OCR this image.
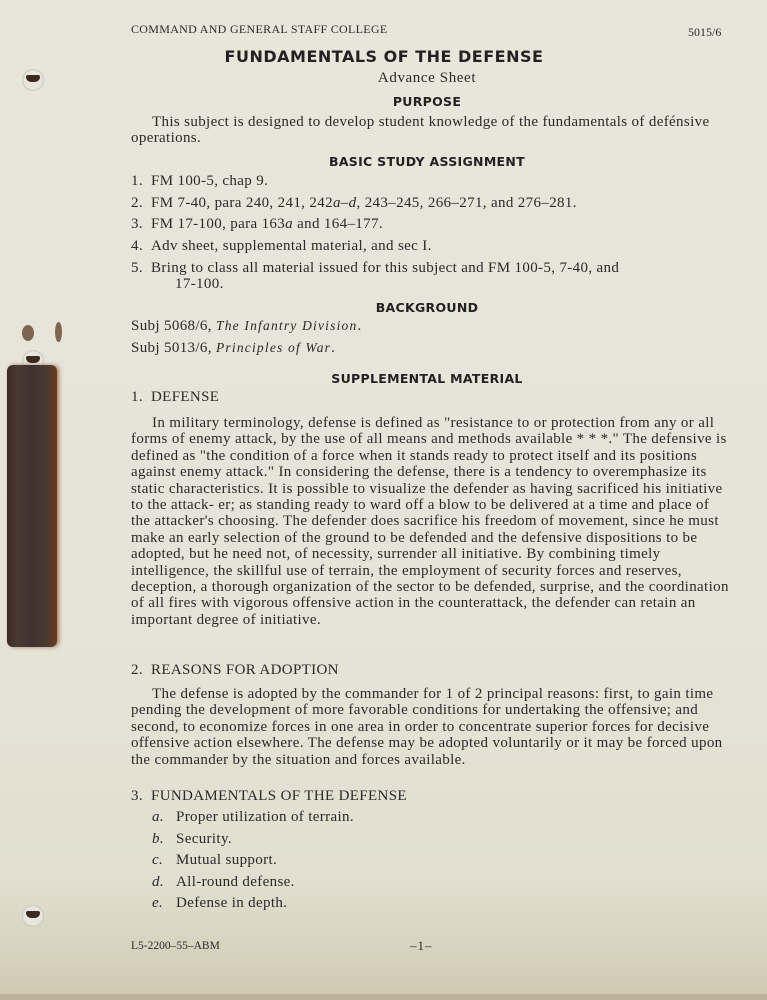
COMMAND AND GENERAL STAFF COLLEGE	5015/6
FUNDAMENTALS OF THE DEFENSE
Advance Sheet
PURPOSE
This subject is designed to develop student knowledge of the fundamentals of defénsive operations.
BASIC STUDY ASSIGNMENT
1. FM 100-5, chap 9.
2. FM 7-40, para 240, 241, 242a–d, 243–245, 266–271, and 276–281.
3. FM 17-100, para 163a and 164–177.
4. Adv sheet, supplemental material, and sec I.
5. Bring to class all material issued for this subject and FM 100-5, 7-40, and
17-100.
BACKGROUND
Subj 5068/6, The Infantry Division.
Subj 5013/6, Principles of War.
SUPPLEMENTAL MATERIAL
1. DEFENSE
In military terminology, defense is defined as "resistance to or protection from any or all forms of enemy attack, by the use of all means and methods available * * *." The defensive is defined as "the condition of a force when it stands ready to protect itself and its positions against enemy attack." In considering the defense, there is a tendency to overemphasize its static characteristics. It is possible to visualize the defender as having sacrificed his initiative to the attack- er; as standing ready to ward off a blow to be delivered at a time and place of the attacker's choosing. The defender does sacrifice his freedom of movement, since he must make an early selection of the ground to be defended and the defensive dispositions to be adopted, but he need not, of necessity, surrender all initiative. By combining timely intelligence, the skillful use of terrain, the employment of security forces and reserves, deception, a thorough organization of the sector to be defended, surprise, and the coordination of all fires with vigorous offensive action in the counterattack, the defender can retain an important degree of initiative.
2. REASONS FOR ADOPTION
The defense is adopted by the commander for 1 of 2 principal reasons: first, to gain time pending the development of more favorable conditions for undertaking the offensive; and second, to economize forces in one area in order to concentrate superior forces for decisive offensive action elsewhere. The defense may be adopted voluntarily or it may be forced upon the commander by the situation and forces available.
3. FUNDAMENTALS OF THE DEFENSE
a. Proper utilization of terrain.
b. Security.
c. Mutual support.
d. All-round defense.
e. Defense in depth.
L5-2200–55–ABM	–1–
